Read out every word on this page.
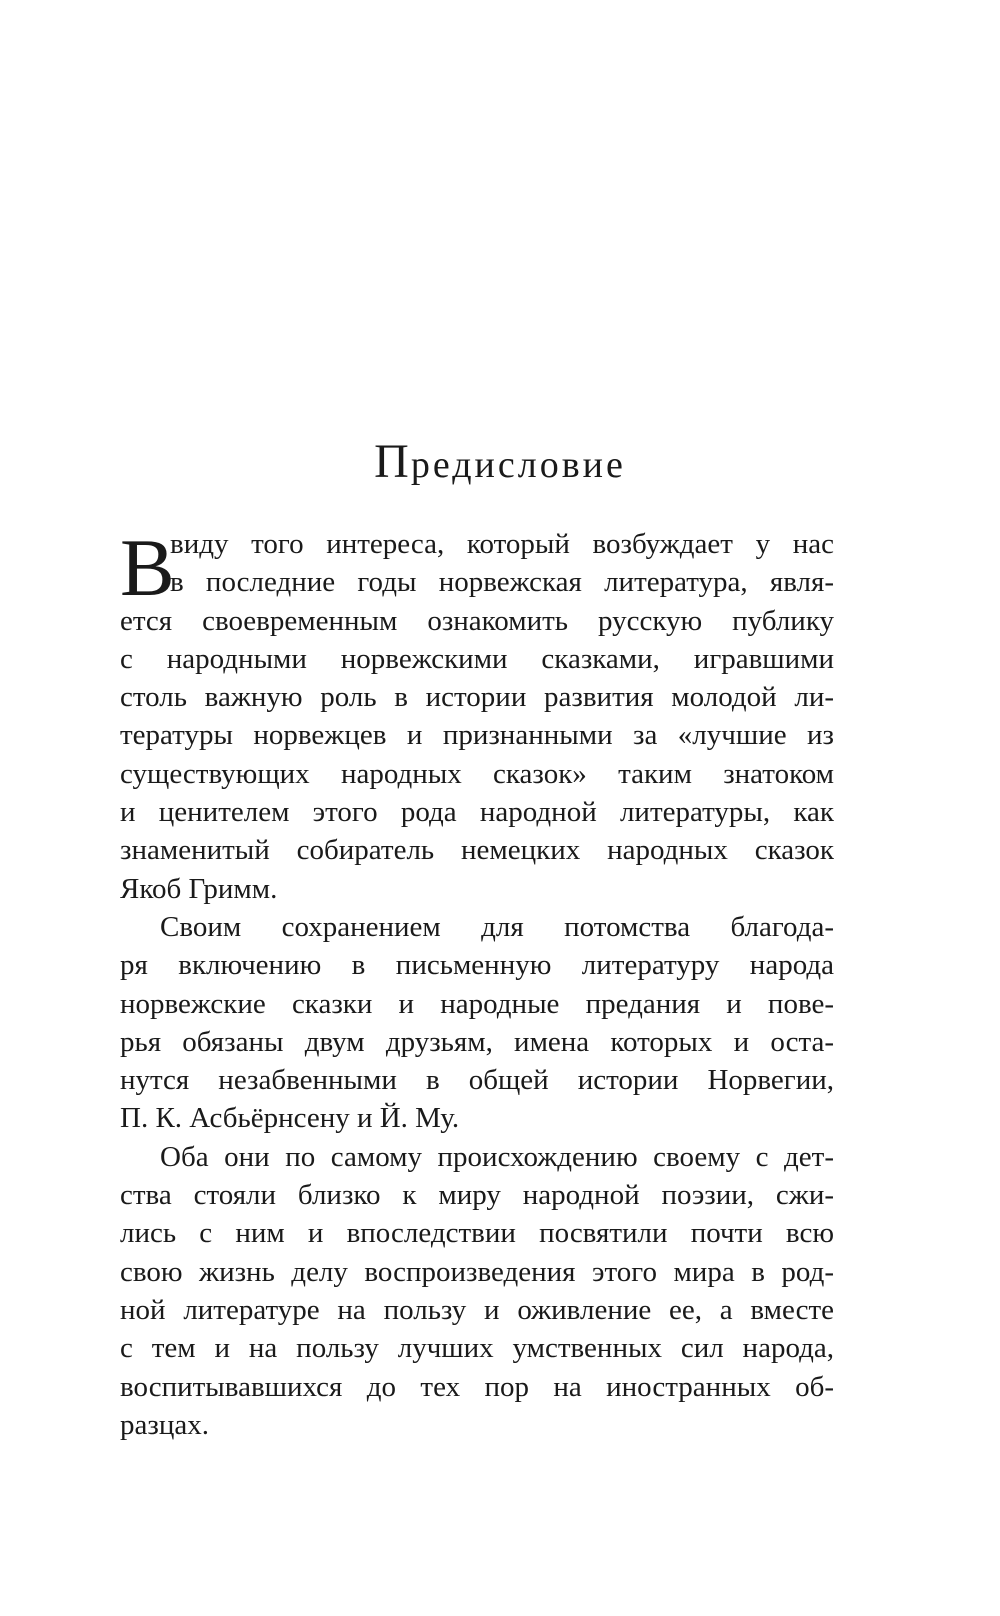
Предисловие
В
виду того интереса, который возбуждает у нас
в последние годы норвежская литература, явля-
ется своевременным ознакомить русскую публику
с народными норвежскими сказками, игравшими
столь важную роль в истории развития молодой ли-
тературы норвежцев и признанными за «лучшие из
существующих народных сказок» таким знатоком
и ценителем этого рода народной литературы, как
знаменитый собиратель немецких народных сказок
Якоб Гримм.
Своим сохранением для потомства благода-
ря включению в письменную литературу народа
норвежские сказки и народные предания и пове-
рья обязаны двум друзьям, имена которых и оста-
нутся незабвенными в общей истории Норвегии,
П. К. Асбьёрнсену и Й. Му.
Оба они по самому происхождению своему с дет-
ства стояли близко к миру народной поэзии, сжи-
лись с ним и впоследствии посвятили почти всю
свою жизнь делу воспроизведения этого мира в род-
ной литературе на пользу и оживление ее, а вместе
с тем и на пользу лучших умственных сил народа,
воспитывавшихся до тех пор на иностранных об-
разцах.
